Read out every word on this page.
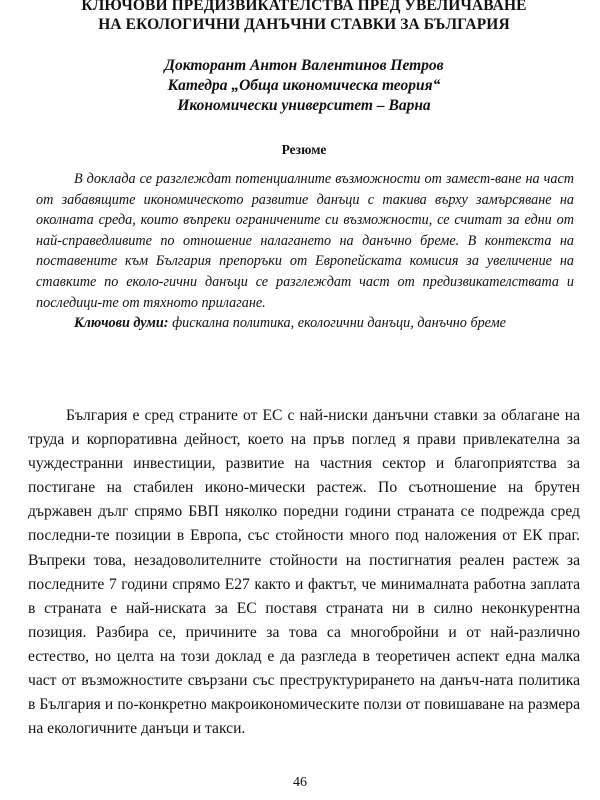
КЛЮЧОВИ ПРЕДИЗВИКАТЕЛСТВА ПРЕД УВЕЛИЧАВАНЕ
НА ЕКОЛОГИЧНИ ДАНЪЧНИ СТАВКИ ЗА БЪЛГАРИЯ
Докторант Антон Валентинов Петров
Катедра „Обща икономическа теория“
Икономически университет – Варна
Резюме

В доклада се разглеждат потенциалните възможности от замест-ване на част от забавящите икономическото развитие данъци с такива върху замърсяване на околната среда, които въпреки ограничените си възможности, се считат за едни от най-справедливите по отношение налагането на данъчно бреме. В контекста на поставените към България препоръки от Европейската комисия за увеличение на ставките по еколо-гични данъци се разглеждат част от предизвикателствата и последици-те от тяхното прилагане.

Ключови думи: фискална политика, екологични данъци, данъчно бреме

България е сред страните от ЕС с най-ниски данъчни ставки за облагане на труда и корпоративна дейност, което на пръв поглед я прави привлекателна за чуждестранни инвестиции, развитие на частния сектор и благоприятства за постигане на стабилен иконо-мически растеж. По съотношение на брутен държавен дълг спрямо БВП няколко поредни години страната се подрежда сред последни-те позиции в Европа, със стойности много под наложения от ЕК праг. Въпреки това, незадоволителните стойности на постигнатия реален растеж за последните 7 години спрямо Е27 както и фактът, че минималната работна заплата в страната е най-ниската за ЕС поставя страната ни в силно неконкурентна позиция. Разбира се, причините за това са многобройни и от най-различно естество, но целта на този доклад е да разгледа в теоретичен аспект една малка част от възможностите свързани със преструктурирането на данъч-ната политика в България и по-конкретно макроикономическите ползи от повишаване на размера на екологичните данъци и такси.

46
